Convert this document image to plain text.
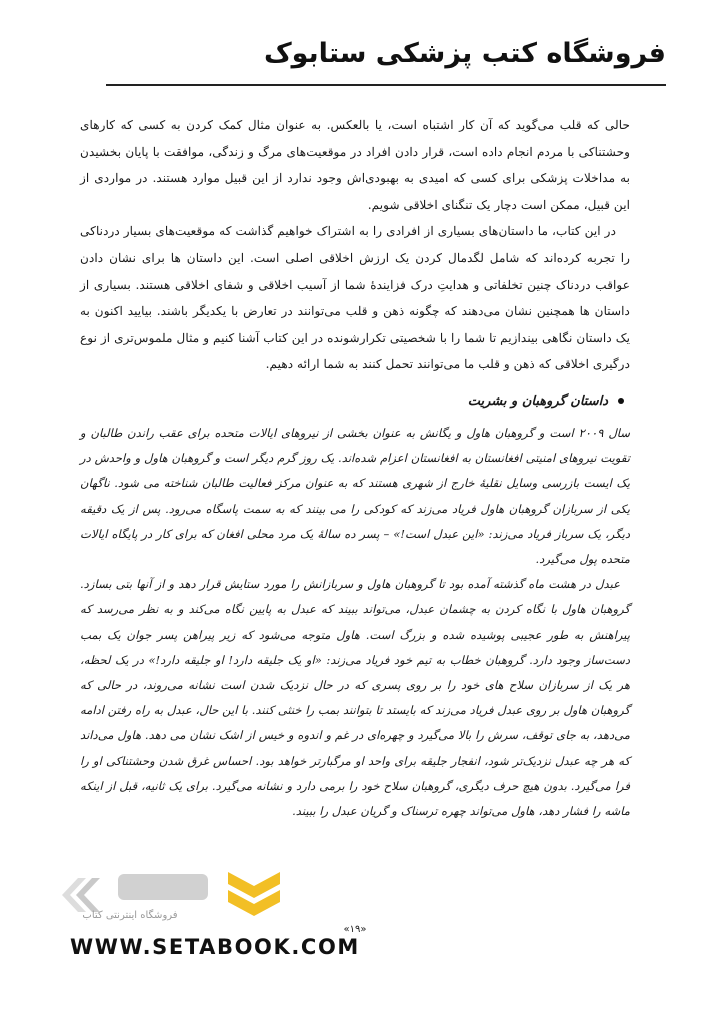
فروشگاه کتب پزشکی ستابوک

حالی که قلب می‌گوید که آن کار اشتباه است، یا بالعکس. به عنوان مثال کمک کردن به کسی که کارهای وحشتناکی با مردم انجام داده است، قرار دادن افراد در موقعیت‌های مرگ و زندگی، موافقت با پایان بخشیدن به مداخلات پزشکی برای کسی که امیدی به بهبودی‌اش وجود ندارد از این قبیل موارد هستند. در مواردی از این قبیل، ممکن است دچار یک تنگنای اخلاقی شویم.

در این کتاب، ما داستان‌های بسیاری از افرادی را به اشتراک خواهیم گذاشت که موقعیت‌های بسیار دردناکی را تجربه کرده‌اند که شامل لگدمال کردن یک ارزش اخلاقی اصلی است. این داستان ها برای نشان دادن عواقب دردناک چنین تخلفاتی و هدایتِ درک فزایندهٔ شما از آسیب اخلاقی و شفای اخلاقی هستند. بسیاری از داستان ها همچنین نشان می‌دهند که چگونه ذهن و قلب می‌توانند در تعارض با یکدیگر باشند. بیایید اکنون به یک داستان نگاهی بیندازیم تا شما را با شخصیتی تکرارشونده در این کتاب آشنا کنیم و مثال ملموس‌تری از نوع درگیری اخلاقی که ذهن و قلب ما می‌توانند تحمل کنند به شما ارائه دهیم.

داستان گروهبان و بشریت

سال ۲۰۰۹ است و گروهبان هاول و یگانش به عنوان بخشی از نیروهای ایالات متحده برای عقب راندن طالبان و تقویت نیروهای امنیتی افغانستان به افغانستان اعزام شده‌اند. یک روز گرم دیگر است و گروهبان هاول و واحدش در یک ایست بازرسی وسایل نقلیهٔ خارج از شهری هستند که به عنوان مرکز فعالیت طالبان شناخته می شود. ناگهان یکی از سربازان گروهبان هاول فریاد می‌زند که کودکی را می بینند که به سمت پاسگاه می‌رود. پس از یک دقیقه دیگر، یک سرباز فریاد می‌زند: «این عبدل است!» – پسر ده سالهٔ یک مرد محلی افغان که برای کار در پایگاه ایالات متحده پول می‌گیرد.

عبدل در هشت ماه گذشته آمده بود تا گروهبان هاول و سربازانش را مورد ستایش قرار دهد و از آنها بتی بسازد. گروهبان هاول با نگاه کردن به چشمان عبدل، می‌تواند ببیند که عبدل به پایین نگاه می‌کند و به نظر می‌رسد که پیراهنش به طور عجیبی پوشیده شده و بزرگ است. هاول متوجه می‌شود که زیر پیراهن پسر جوان یک بمب دست‌ساز وجود دارد. گروهبان خطاب به تیم خود فریاد می‌زند: «او یک جلیقه دارد! او جلیقه دارد!» در یک لحظه، هر یک از سربازان سلاح های خود را بر روی پسری که در حال نزدیک شدن است نشانه می‌روند، در حالی که گروهبان هاول بر روی عبدل فریاد می‌زند که بایستد تا بتوانند بمب را خنثی کنند. با این حال، عبدل به راه رفتن ادامه می‌دهد، به جای توقف، سرش را بالا می‌گیرد و چهره‌ای در غم و اندوه و خیس از اشک نشان می دهد. هاول می‌داند که هر چه عبدل نزدیک‌تر شود، انفجار جلیقه برای واحد او مرگبارتر خواهد بود. احساس غرق شدن وحشتناکی او را فرا می‌گیرد. بدون هیچ حرف دیگری، گروهبان سلاح خود را برمی دارد و نشانه می‌گیرد. برای یک ثانیه، قبل از اینکه ماشه را فشار دهد، هاول می‌تواند چهره ترسناک و گریان عبدل را ببیند.

فروشگاه اینترنتی کتاب
WWW.SETABOOK.COM
«۱۹»
